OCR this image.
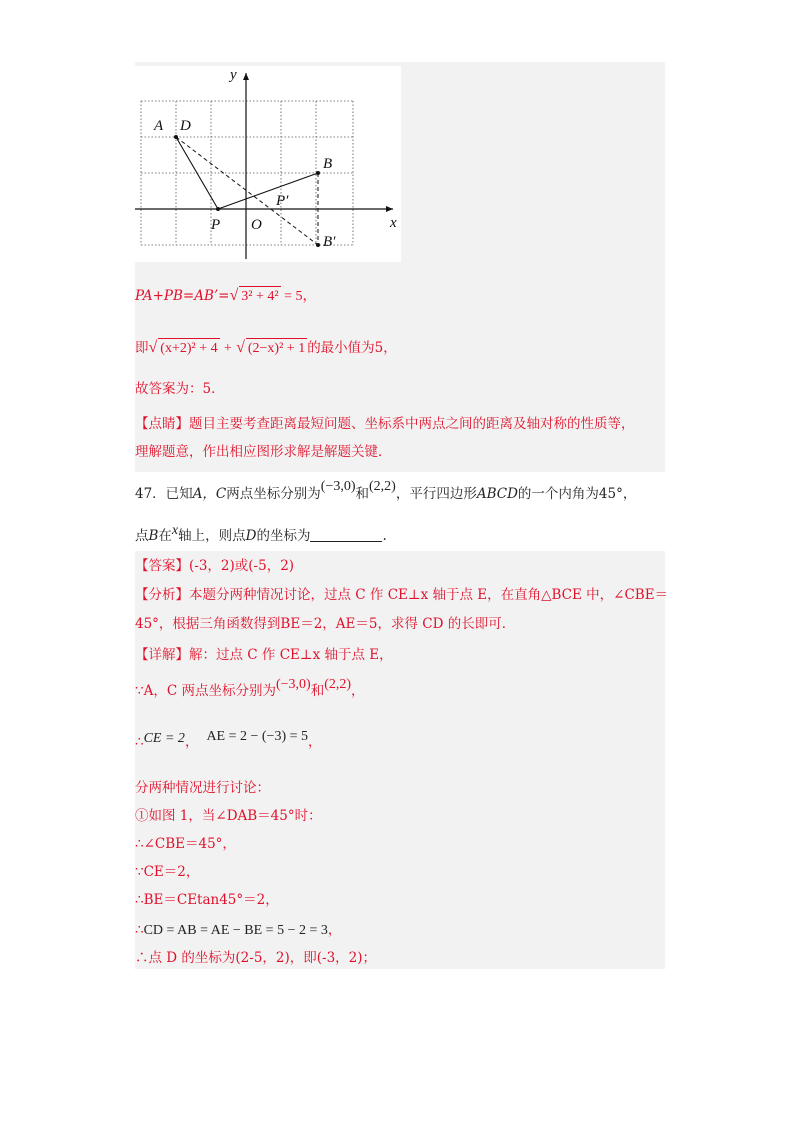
y
x
A D
B
P O
P′
B′
PA+PB=AB’=√ 3² + 4² = 5，
即√ (x+2)² + 4 + √ (2−x)² + 1 的最小值为5，
故答案为：5．
【点睛】题目主要考查距离最短问题、坐标系中两点之间的距离及轴对称的性质等，
理解题意，作出相应图形求解是解题关键．
47．已知A，C两点坐标分别为(−3,0)和(2,2)，平行四边形ABCD的一个内角为45°，
点B在x轴上，则点D的坐标为	.
【答案】(-3，2)或(-5，2)
【分析】本题分两种情况讨论，过点 C 作 CE⊥x 轴于点 E，在直角△BCE 中，∠CBE＝
45°，根据三角函数得到BE＝2，AE＝5，求得 CD 的长即可．
【详解】解：过点 C 作 CE⊥x 轴于点 E，
∵A，C 两点坐标分别为(−3,0)和(2,2)，
∴CE = 2， AE = 2 − (−3) = 5，
分两种情况进行讨论：
①如图 1，当∠DAB＝45°时：
∴∠CBE＝45°，
∵CE＝2，
∴BE＝CEtan45°＝2，
∴CD = AB = AE − BE = 5 − 2 = 3，
∴点 D 的坐标为(2-5，2)，即(-3，2)；
